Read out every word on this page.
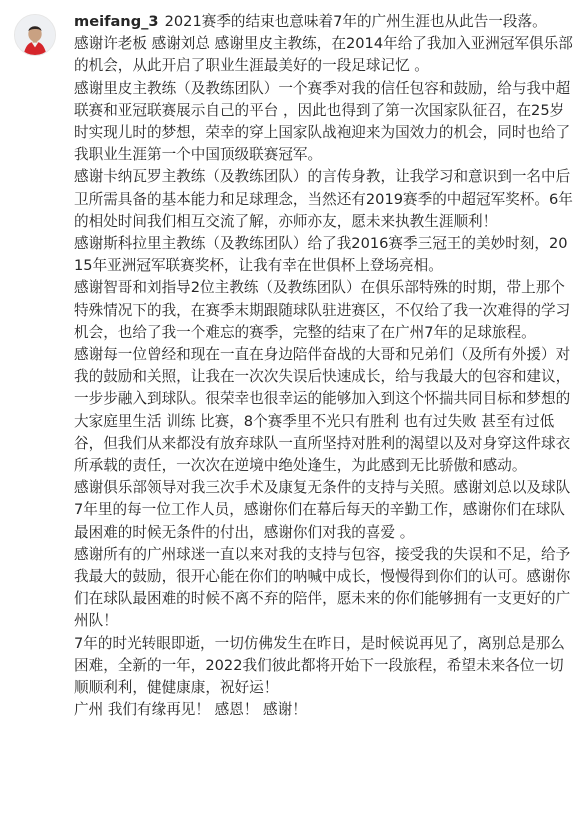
meifang_3 2021赛季的结束也意味着7年的广州生涯也从此告一段落。

感谢许老板 感谢刘总 感谢里皮主教练，在2014年给了我加入亚洲冠军俱乐部的机会，从此开启了职业生涯最美好的一段足球记忆 。

感谢里皮主教练（及教练团队）一个赛季对我的信任包容和鼓励，给与我中超联赛和亚冠联赛展示自己的平台 ，因此也得到了第一次国家队征召，在25岁时实现儿时的梦想，荣幸的穿上国家队战袍迎来为国效力的机会，同时也给了我职业生涯第一个中国顶级联赛冠军。

感谢卡纳瓦罗主教练（及教练团队）的言传身教，让我学习和意识到一名中后卫所需具备的基本能力和足球理念，当然还有2019赛季的中超冠军奖杯。6年的相处时间我们相互交流了解，亦师亦友，愿未来执教生涯顺利！

感谢斯科拉里主教练（及教练团队）给了我2016赛季三冠王的美妙时刻，2015年亚洲冠军联赛奖杯，让我有幸在世俱杯上登场亮相。

感谢智哥和刘指导2位主教练（及教练团队）在俱乐部特殊的时期，带上那个特殊情况下的我，在赛季末期跟随球队驻进赛区，不仅给了我一次难得的学习机会，也给了我一个难忘的赛季，完整的结束了在广州7年的足球旅程。

感谢每一位曾经和现在一直在身边陪伴奋战的大哥和兄弟们（及所有外援）对我的鼓励和关照，让我在一次次失误后快速成长，给与我最大的包容和建议，一步步融入到球队。很荣幸也很幸运的能够加入到这个怀揣共同目标和梦想的大家庭里生活 训练 比赛，8个赛季里不光只有胜利 也有过失败 甚至有过低谷，但我们从来都没有放弃球队一直所坚持对胜利的渴望以及对身穿这件球衣所承载的责任，一次次在逆境中绝处逢生，为此感到无比骄傲和感动。

感谢俱乐部领导对我三次手术及康复无条件的支持与关照。感谢刘总以及球队7年里的每一位工作人员，感谢你们在幕后每天的辛勤工作，感谢你们在球队最困难的时候无条件的付出，感谢你们对我的喜爱 。

感谢所有的广州球迷一直以来对我的支持与包容，接受我的失误和不足，给予我最大的鼓励，很开心能在你们的呐喊中成长，慢慢得到你们的认可。感谢你们在球队最困难的时候不离不弃的陪伴，愿未来的你们能够拥有一支更好的广州队！

7年的时光转眼即逝，一切仿佛发生在昨日，是时候说再见了，离别总是那么困难，全新的一年，2022我们彼此都将开始下一段旅程，希望未来各位一切顺顺利利，健健康康，祝好运！

广州 我们有缘再见！ 感恩！ 感谢！
